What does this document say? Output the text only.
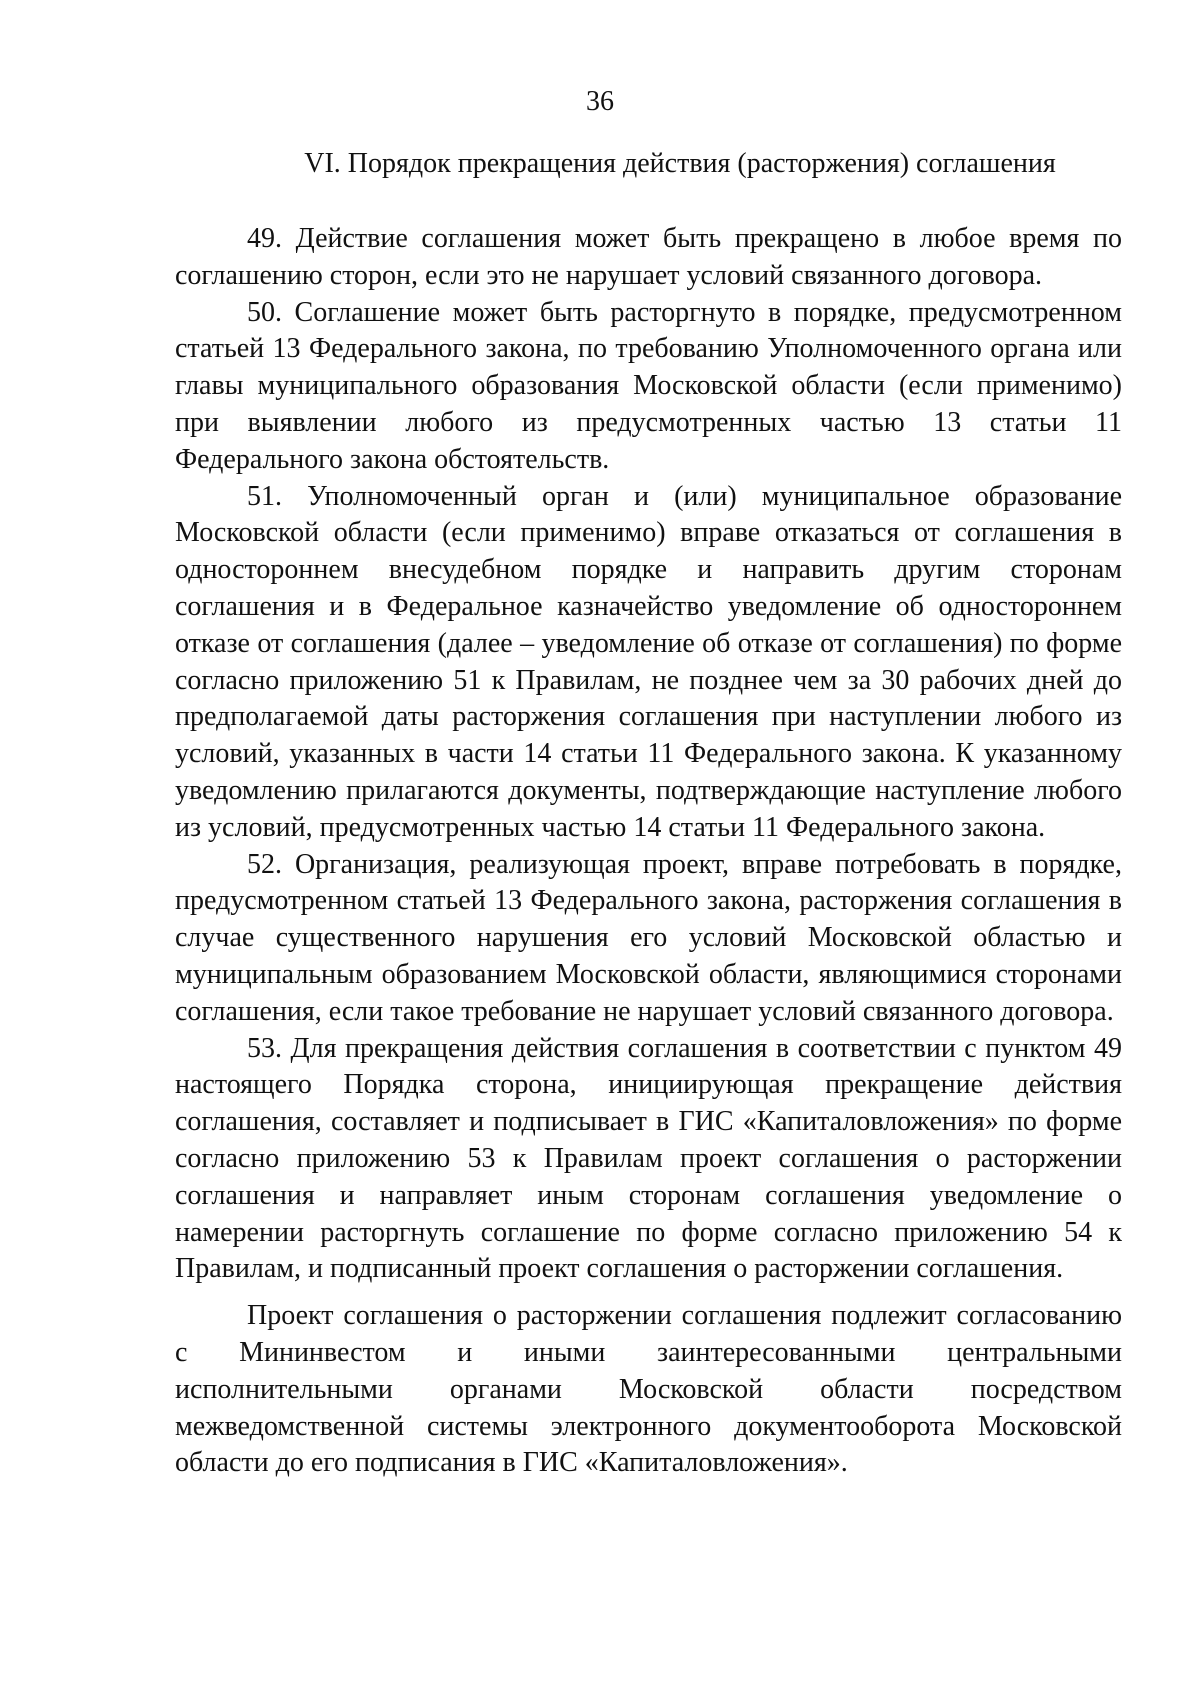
36
VI. Порядок прекращения действия (расторжения) соглашения

49. Действие соглашения может быть прекращено в любое время по соглашению сторон, если это не нарушает условий связанного договора.

50. Соглашение может быть расторгнуто в порядке, предусмотренном статьей 13 Федерального закона, по требованию Уполномоченного органа или главы муниципального образования Московской области (если применимо) при выявлении любого из предусмотренных частью 13 статьи 11 Федерального закона обстоятельств.

51. Уполномоченный орган и (или) муниципальное образование Московской области (если применимо) вправе отказаться от соглашения в одностороннем внесудебном порядке и направить другим сторонам соглашения и в Федеральное казначейство уведомление об одностороннем отказе от соглашения (далее – уведомление об отказе от соглашения) по форме согласно приложению 51 к Правилам, не позднее чем за 30 рабочих дней до предполагаемой даты расторжения соглашения при наступлении любого из условий, указанных в части 14 статьи 11 Федерального закона. К указанному уведомлению прилагаются документы, подтверждающие наступление любого из условий, предусмотренных частью 14 статьи 11 Федерального закона.

52. Организация, реализующая проект, вправе потребовать в порядке, предусмотренном статьей 13 Федерального закона, расторжения соглашения в случае существенного нарушения его условий Московской областью и муниципальным образованием Московской области, являющимися сторонами соглашения, если такое требование не нарушает условий связанного договора.

53. Для прекращения действия соглашения в соответствии с пунктом 49 настоящего Порядка сторона, инициирующая прекращение действия соглашения, составляет и подписывает в ГИС «Капиталовложения» по форме согласно приложению 53 к Правилам проект соглашения о расторжении соглашения и направляет иным сторонам соглашения уведомление о намерении расторгнуть соглашение по форме согласно приложению 54 к Правилам, и подписанный проект соглашения о расторжении соглашения.

Проект соглашения о расторжении соглашения подлежит согласованию с Мининвестом и иными заинтересованными центральными исполнительными органами Московской области посредством межведомственной системы электронного документооборота Московской области до его подписания в ГИС «Капиталовложения».
